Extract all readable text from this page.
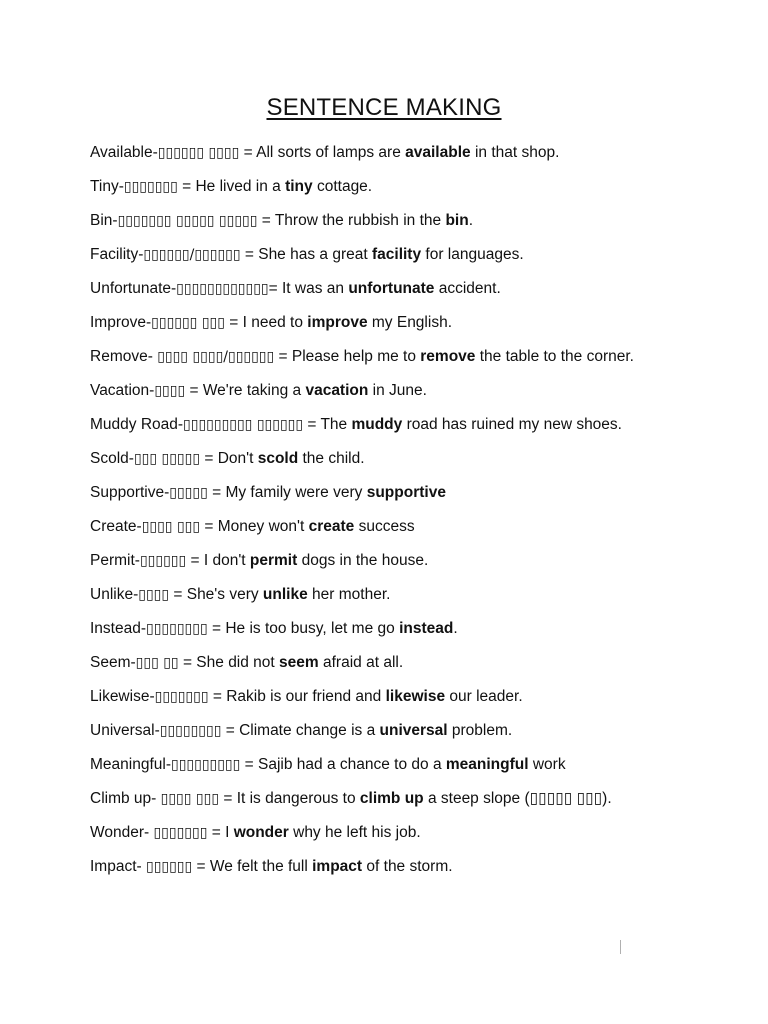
SENTENCE MAKING
Available-▯▯▯▯▯▯ ▯▯▯▯ = All sorts of lamps are available in that shop.
Tiny-▯▯▯▯▯▯▯ = He lived in a tiny cottage.
Bin-▯▯▯▯▯▯▯ ▯▯▯▯▯ ▯▯▯▯▯ = Throw the rubbish in the bin.
Facility-▯▯▯▯▯▯/▯▯▯▯▯▯ = She has a great facility for languages.
Unfortunate-▯▯▯▯▯▯▯▯▯▯▯▯= It was an unfortunate accident.
Improve-▯▯▯▯▯▯ ▯▯▯ = I need to improve my English.
Remove- ▯▯▯▯ ▯▯▯▯/▯▯▯▯▯▯ = Please help me to remove the table to the corner.
Vacation-▯▯▯▯ = We're taking a vacation in June.
Muddy Road-▯▯▯▯▯▯▯▯▯ ▯▯▯▯▯▯ = The muddy road has ruined my new shoes.
Scold-▯▯▯ ▯▯▯▯▯ = Don't scold the child.
Supportive-▯▯▯▯▯ = My family were very supportive
Create-▯▯▯▯ ▯▯▯ = Money won't create success
Permit-▯▯▯▯▯▯ = I don't permit dogs in the house.
Unlike-▯▯▯▯ = She's very unlike her mother.
Instead-▯▯▯▯▯▯▯▯ = He is too busy, let me go instead.
Seem-▯▯▯ ▯▯ = She did not seem afraid at all.
Likewise-▯▯▯▯▯▯▯ = Rakib is our friend and likewise our leader.
Universal-▯▯▯▯▯▯▯▯ = Climate change is a universal problem.
Meaningful-▯▯▯▯▯▯▯▯▯ = Sajib had a chance to do a meaningful work
Climb up- ▯▯▯▯ ▯▯▯ = It is dangerous to climb up a steep slope (▯▯▯▯▯ ▯▯▯).
Wonder- ▯▯▯▯▯▯▯ = I wonder why he left his job.
Impact- ▯▯▯▯▯▯ = We felt the full impact of the storm.
